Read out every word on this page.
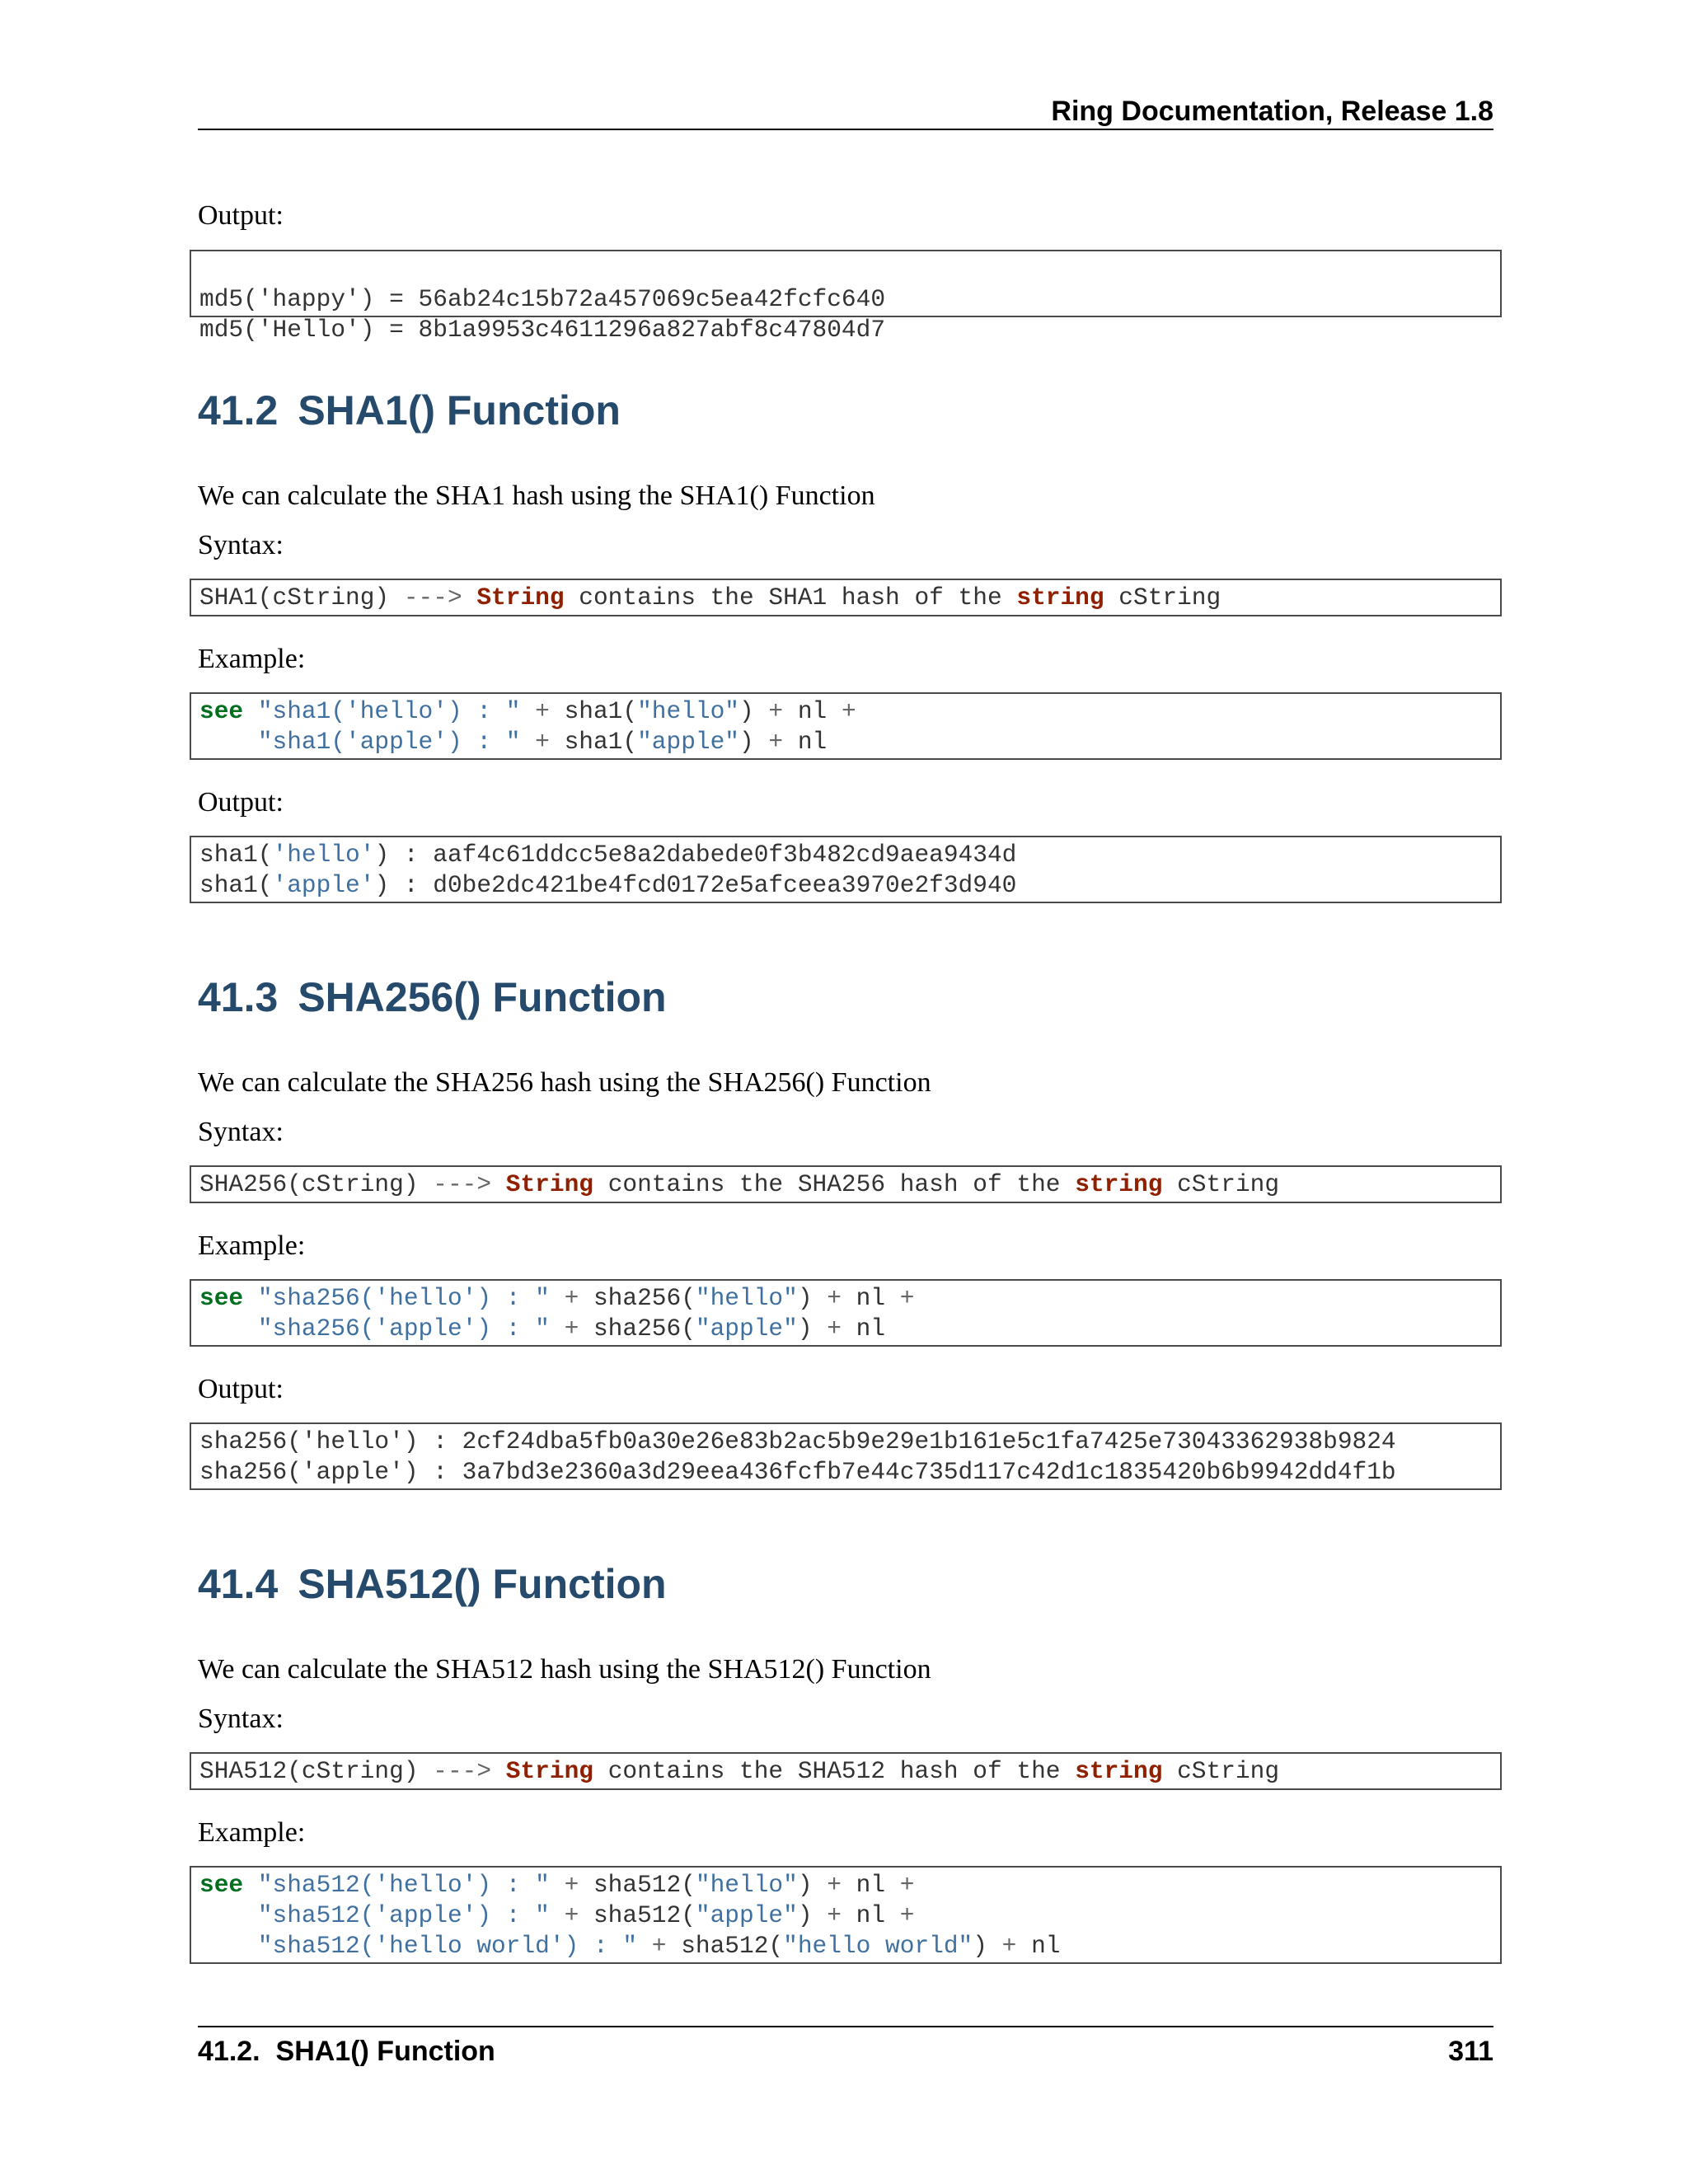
Ring Documentation, Release 1.8
Output:

md5('happy') = 56ab24c15b72a457069c5ea42fcfc640
md5('Hello') = 8b1a9953c4611296a827abf8c47804d7
41.2 SHA1() Function
We can calculate the SHA1 hash using the SHA1() Function
Syntax:
SHA1(cString) ---> String contains the SHA1 hash of the string cString
Example:
see "sha1('hello') : " + sha1("hello") + nl +
"sha1('apple') : " + sha1("apple") + nl
Output:
sha1('hello') : aaf4c61ddcc5e8a2dabede0f3b482cd9aea9434d
sha1('apple') : d0be2dc421be4fcd0172e5afceea3970e2f3d940
41.3 SHA256() Function
We can calculate the SHA256 hash using the SHA256() Function
Syntax:
SHA256(cString) ---> String contains the SHA256 hash of the string cString
Example:
see "sha256('hello') : " + sha256("hello") + nl +
"sha256('apple') : " + sha256("apple") + nl
Output:
sha256('hello') : 2cf24dba5fb0a30e26e83b2ac5b9e29e1b161e5c1fa7425e73043362938b9824
sha256('apple') : 3a7bd3e2360a3d29eea436fcfb7e44c735d117c42d1c1835420b6b9942dd4f1b
41.4 SHA512() Function
We can calculate the SHA512 hash using the SHA512() Function
Syntax:
SHA512(cString) ---> String contains the SHA512 hash of the string cString
Example:
see "sha512('hello') : " + sha512("hello") + nl +
"sha512('apple') : " + sha512("apple") + nl +
"sha512('hello world') : " + sha512("hello world") + nl
41.2.  SHA1() Function	311
